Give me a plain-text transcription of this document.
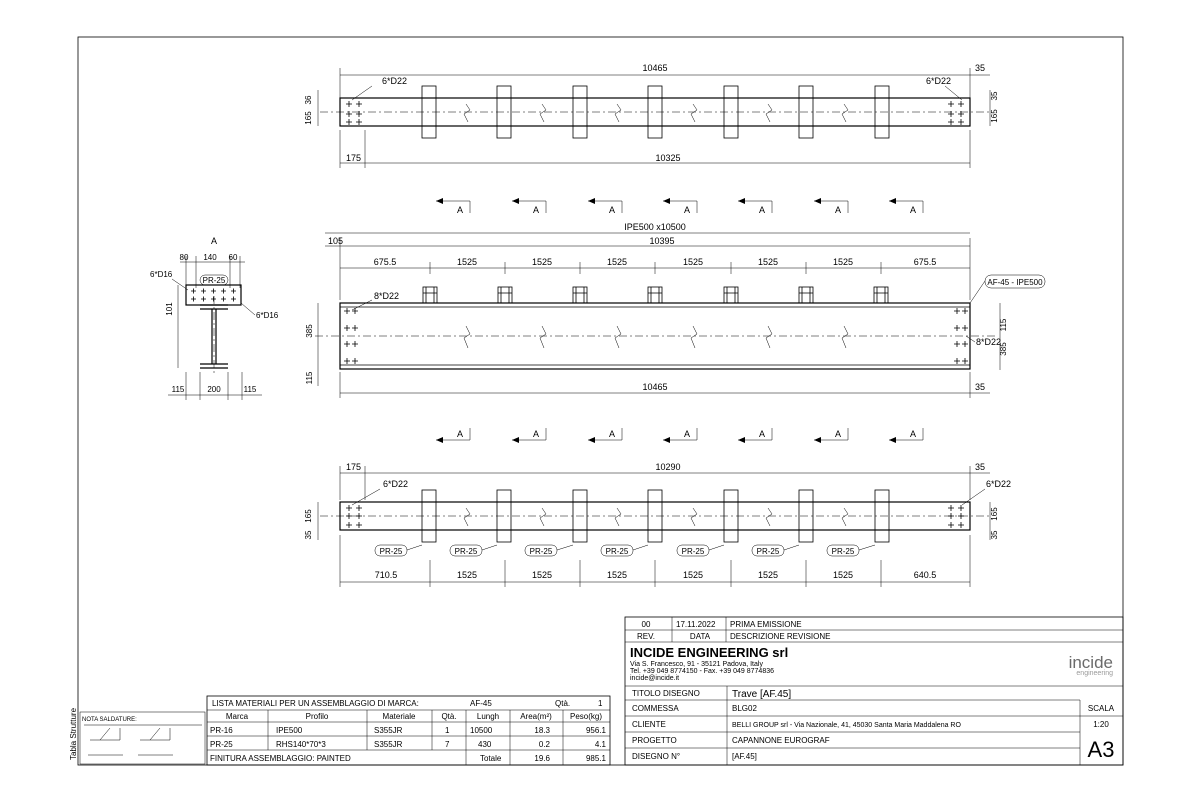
10465	35
6*D22	6*D22
36
165
35
165
175	10325
A	A	A	A	A	A	A
IPE500 x10500
105	10395
675.5	1525	1525	1525	1525	1525	1525	675.5
8*D22
8*D22
AF-45 - IPE500
385
115
115
385
10465	35
A	A	A	A	A	A	A
175	10290	35
6*D22	6*D22
PR-25	PR-25	PR-25	PR-25	PR-25	PR-25	PR-25
165
35
165
35
710.5	1525	1525	1525	1525	1525	1525	640.5
A
80 140 60
6*D16
PR-25
6*D16
101
115	200	115
Tabla Strutture NOTA SALDATURE:
LISTA MATERIALI PER UN ASSEMBLAGGIO DI MARCA:	AF-45	Qtà.	1
Marca	Profilo	Materiale	Qtà.	Lungh	Area(m²) Peso(kg)
PR-16	IPE500	S355JR	1	10500	18.3	956.1
PR-25	RHS140*70*3	S355JR	7	430	0.2	4.1
FINITURA ASSEMBLAGGIO: PAINTED	Totale	19.6	985.1
00	17.11.2022 PRIMA EMISSIONE
REV.	DATA DESCRIZIONE REVISIONE
INCIDE ENGINEERING srl
Via S. Francesco, 91 - 35121 Padova, Italy
Tel. +39 049 8774150 - Fax. +39 049 8774836
incide@incide.it
incide
engineering
TITOLO DISEGNO	Trave [AF.45]
COMMESSA	BLG02
CLIENTE	BELLI GROUP srl - Via Nazionale, 41, 45030 Santa Maria Maddalena RO
PROGETTO	CAPANNONE EUROGRAF
DISEGNO N°	[AF.45]
SCALA
1:20
A3
